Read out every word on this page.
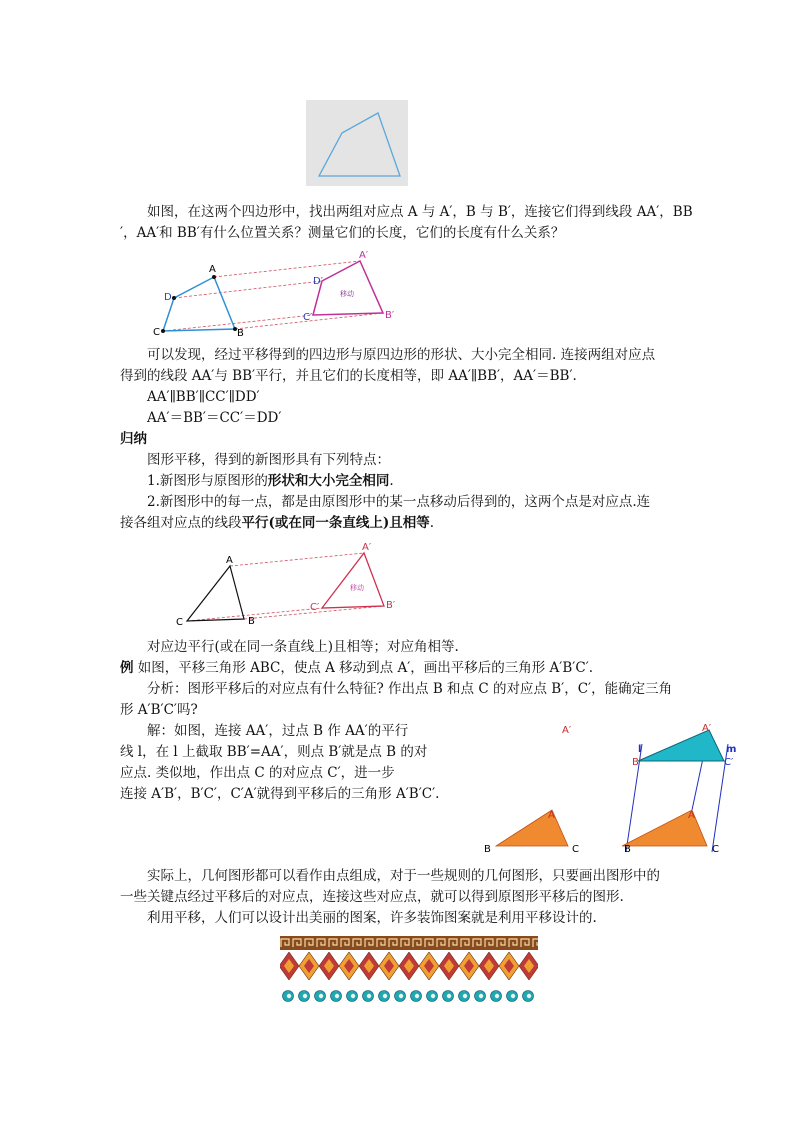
如图，在这两个四边形中，找出两组对应点 A 与 A′，B 与 B′，连接它们得到线段 AA′，BB
′，AA′和 BB′有什么位置关系？测量它们的长度，它们的长度有什么关系？
A
B
C
D
A′
B′
C′
D′
移动
可以发现，经过平移得到的四边形与原四边形的形状、大小完全相同. 连接两组对应点
得到的线段 AA′与 BB′平行，并且它们的长度相等，即 AA′∥BB′，AA′＝BB′.
AA′∥BB′∥CC′∥DD′
AA′＝BB′＝CC′＝DD′
归纳
图形平移，得到的新图形具有下列特点：
1.新图形与原图形的形状和大小完全相同.
2.新图形中的每一点，都是由原图形中的某一点移动后得到的，这两个点是对应点.连
接各组对应点的线段平行(或在同一条直线上)且相等.
A
B
C
A′
B′
C′
移动
对应边平行(或在同一条直线上)且相等；对应角相等.
例 如图，平移三角形 ABC，使点 A 移动到点 A′，画出平移后的三角形 A′B′C′.
分析：图形平移后的对应点有什么特征? 作出点 B 和点 C 的对应点 B′，C′，能确定三角
形 A′B′C′吗?
解：如图，连接 AA′，过点 B 作 AA′的平行
线 l，在 l 上截取 BB′=AA′，则点 B′就是点 B 的对
应点. 类似地，作出点 C 的对应点 C′，进一步
连接 A′B′，B′C′，C′A′就得到平移后的三角形 A′B′C′.
A′
A
B	C
l	m
A′
B′	C′
A
B	C
实际上，几何图形都可以看作由点组成，对于一些规则的几何图形，只要画出图形中的
一些关键点经过平移后的对应点，连接这些对应点，就可以得到原图形平移后的图形.
利用平移，人们可以设计出美丽的图案，许多装饰图案就是利用平移设计的.
